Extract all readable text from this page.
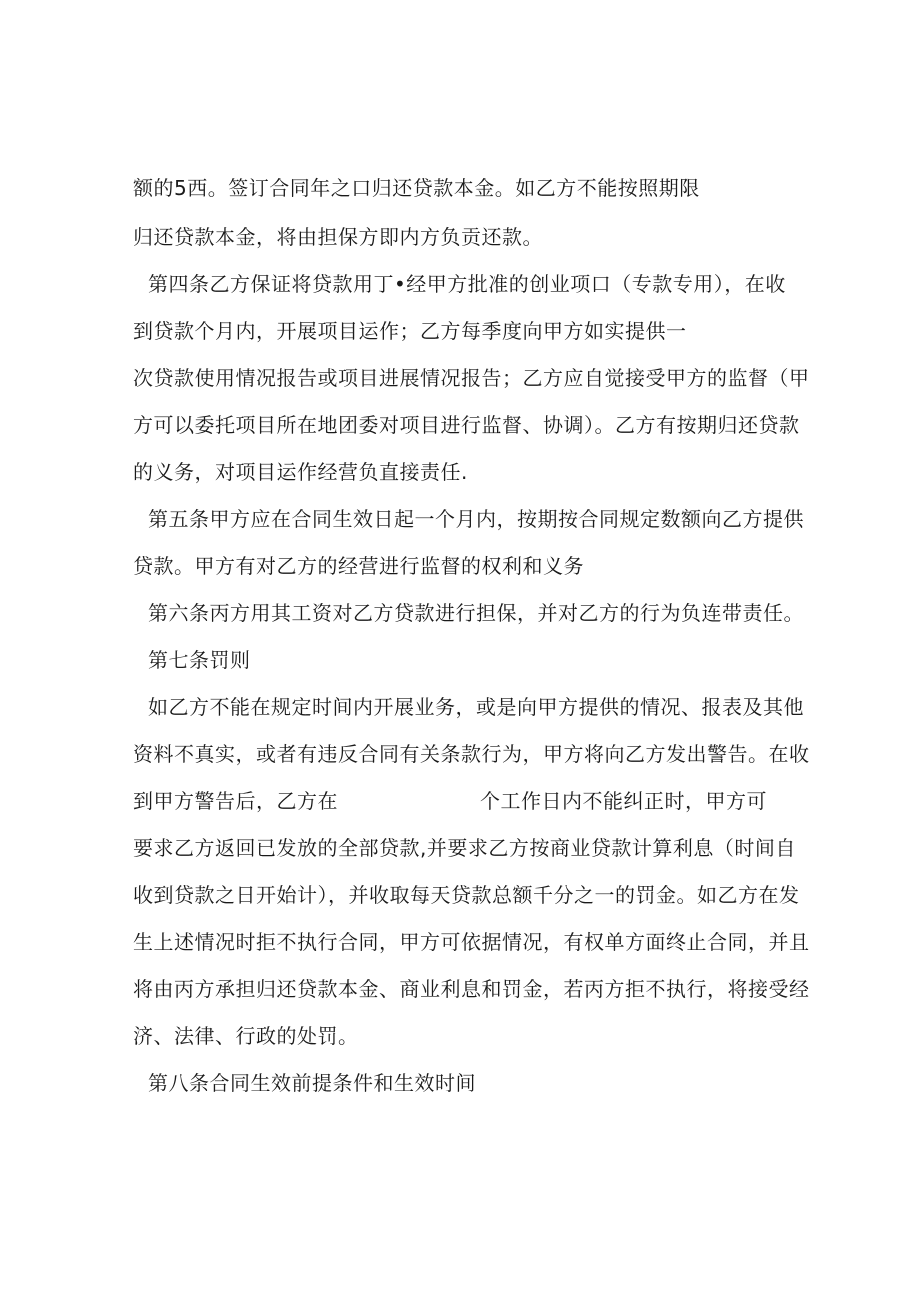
额的5西。签订合同年之口归还贷款本金。如乙方不能按照期限
归还贷款本金，将由担保方即内方负贡还款。
第四条乙方保证将贷款用丁•经甲方批准的创业项口（专款专用），在收
到贷款个月内，开展项目运作；乙方每季度向甲方如实提供一
次贷款使用情况报告或项目进展情况报告；乙方应自觉接受甲方的监督（甲
方可以委托项目所在地团委对项目进行监督、协调）。乙方有按期归还贷款
的义务，对项目运作经营负直接责任.
第五条甲方应在合同生效日起一个月内，按期按合同规定数额向乙方提供
贷款。甲方有对乙方的经营进行监督的权利和义务
第六条丙方用其工资对乙方贷款进行担保，并对乙方的行为负连带责任。
第七条罚则
如乙方不能在规定时间内开展业务，或是向甲方提供的情况、报表及其他
资料不真实，或者有违反合同有关条款行为，甲方将向乙方发出警告。在收
到甲方警告后，乙方在	个工作日内不能纠正时，甲方可
要求乙方返回已发放的全部贷款,并要求乙方按商业贷款计算利息（时间自
收到贷款之日开始计），并收取每天贷款总额千分之一的罚金。如乙方在发
生上述情况时拒不执行合同，甲方可依据情况，有权单方面终止合同，并且
将由丙方承担归还贷款本金、商业利息和罚金，若丙方拒不执行，将接受经
济、法律、行政的处罚。
第八条合同生效前提条件和生效时间
